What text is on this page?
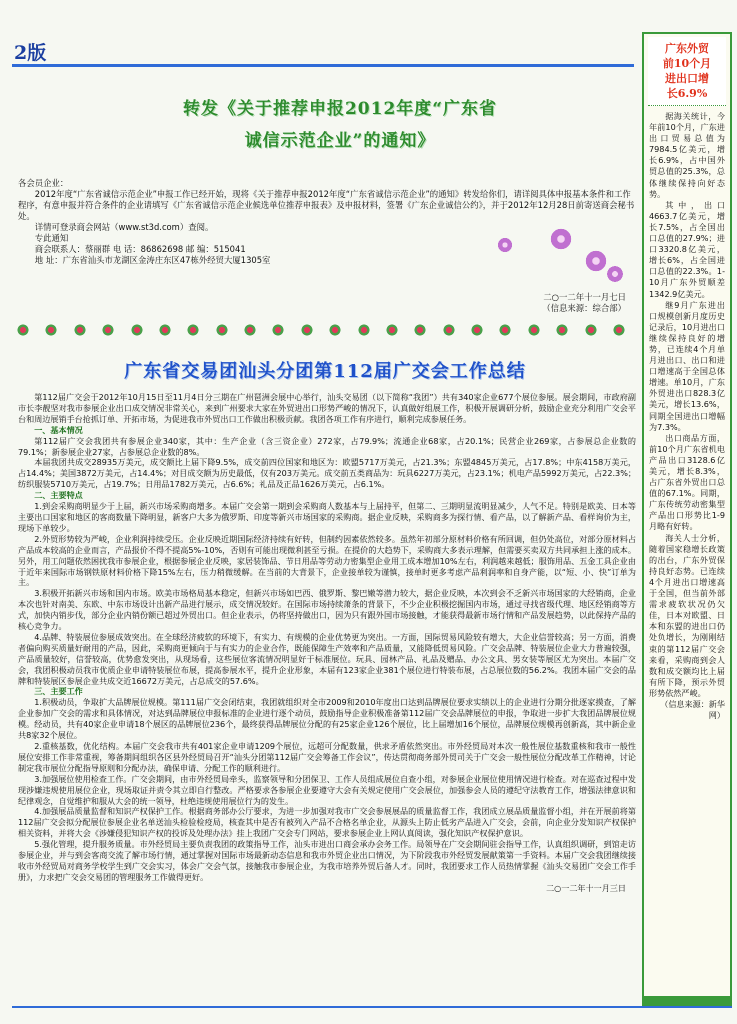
2版
转发《关于推荐申报2012年度“广东省
诚信示范企业”的通知》

各会员企业：

2012年度“广东省诚信示范企业”申报工作已经开始，现将《关于推荐申报2012年度“广东省诚信示范企业”的通知》转发给你们，请详阅具体申报基本条件和工作程序，有意申报并符合条件的企业请填写《广东省诚信示范企业候选单位推荐申报表》及申报材料，签署《广东企业诚信公约》，并于2012年12月28日前寄送商会秘书处。

详情可登录商会网站（www.st3d.com）查阅。

专此通知

商会联系人：蔡丽群 电 话：86862698 邮 编：515041

地 址：广东省汕头市龙湖区金涛庄东区47栋外经贸大厦1305室

二○一二年十一月七日

（信息来源：综合部）

广东省交易团汕头分团第112届广交会工作总结

第112届广交会于2012年10月15日至11月4日分三期在广州琶洲会展中心举行，汕头交易团（以下简称“我团”）共有340家企业677个展位参展。展会期间，市政府副市长李靓坚对我市参展企业出口成交情况非常关心，来到广州要求大家在外贸进出口形势严峻的情况下，认真做好组展工作，积极开展调研分析，鼓励企业充分利用广交会平台和周边展销手台抢抓订单、开拓市场，为促进我市外贸出口工作做出积极贡献。我团各项工作有序进行，顺利完成参展任务。

一、基本情况

第112届广交会我团共有参展企业340家，其中：生产企业（含三资企业）272家，占79.9%；流通企业68家，占20.1%；民营企业269家，占参展总企业数的79.1%；新参展企业27家，占参展总企业数的8%。

本届我团共成交28935万美元，成交额比上届下降9.5%，成交前四位国家和地区为：欧盟5717万美元，占21.3%；东盟4845万美元，占17.8%；中东4158万美元，占14.4%；美国3872万美元，占14.4%；对目成交额为历史最低，仅有203万美元。成交前五类商品为：玩具6227万美元，占23.1%；机电产品5992万美元，占22.3%；纺织服装5710万美元，占19.7%；日用品1782万美元，占6.6%；礼品及正品1626万美元，占6.1%。

二、主要特点

1.到会采购商明显少于上届，新兴市场采购商增多。本届广交会第一期到会采购商人数基本与上届持平，但第二、三期明显流明显减少，人气不足。特别是欧美、日本等主要出口国家和地区的客商数量下降明显，新客户大多为俄罗斯、印度等新兴市场国家的采购商。据企业反映，采购商多为探行情、看产品，以了解新产品、看样询价为主，现场下单较少。

2.外贸形势较为严峻，企业利润持续受压。企业反映近期国际经济持续有好转，但制约因素依然较多。虽然年初部分原材料价格有所回调，但仍处高位，对部分原材料占产品成本较高的企业而言，产品报价不得不提高5%-10%，否则有可能出现微利甚至亏损。在提价的大趋势下，采购商大多表示理解，但需要买卖双方共同承担上涨的成本。另外，用工问题依然困扰我市参展企业，根据参展企业反映，家居装饰品、节日用品等劳动力密集型企业用工成本增加10%左右，利润越来越低；服饰用品、五金工具企业由于近年来国际市场钢铁原材料价格下降15%左右，压力稍微缓解。在当前的大背景下，企业接单较为谨慎，接单时更多考虑产品利润率和自身产能，以“短、小、快”订单为主。

3.积极开拓新兴市场和国内市场。欧美市场格局基本稳定，但新兴市场如巴西、俄罗斯、黎巴嫩等潜力较大，据企业反映，本次到会不乏新兴市场国家的大经销商，企业本次也针对南美、东欧、中东市场设计出新产品进行展示，成交情况较好。在国际市场持续萧条的背景下，不少企业积极挖掘国内市场，通过寻找省级代理、地区经销商等方式，加快内销步伐，部分企业内销份额已超过外贸出口。但企业表示，仍将坚持做出口，因为只有跟外国市场接触，才能获得最新市场行情和产品发展趋势，以此保持产品的核心竞争力。

4.品牌、特装展位参展成效突出。在全球经济疲软的环境下，有实力、有规模的企业优势更为突出。一方面，国际贸易风险较有增大，大企业信誉较高；另一方面，消费者偏向购买质量好耐用的产品，因此，采购商更倾向于与有实力的企业合作，既能保障生产效率和产品质量，又能降低贸易风险。广交会品牌、特装展位企业大力普遍较强，产品质量较好，信誉较高，优势愈发突出，从现场看，这些展位客流情况明显好于标准展位。玩具、园林产品、礼品及赠品、办公文具、男女装等展区尤为突出。本届广交会，我团积极动员我市优质企业申请特装展位布展，提高参展水平，提升企业形象，本届有123家企业381个展位进行特装布展，占总展位数的56.2%。我团本届广交会的品牌和特装展区参展企业共成交近16672万美元，占总成交的57.6%。

三、主要工作

1.积极动员，争取扩大品牌展位规模。第111届广交会闭结束，我团就组织对全市2009和2010年度出口达到品牌展位要求实绩以上的企业进行分期分批逐家摸查，了解企业参加广交会的需求和具体情况，对达到品牌展位申报标准的企业进行逐个动员，鼓励指导企业积极准备第112届广交会品牌展位的申报，争取进一步扩大我团品牌展位规模。经动员，共有40家企业申请18个展区的品牌展位236个，最终获得品牌展位分配的有25家企业126个展位，比上届增加16个展位，品牌展位规模再创新高，其中新企业共8家32个展位。

2.重核基数，优化结构。本届广交会我市共有401家企业申请1209个展位，远超可分配数量，供求矛盾依然突出。市外经贸局对本次一般性展位基数重核和我市一般性展位安排工作非常重视，筹备期间组织各区县外经贸局召开“汕头分团第112届广交会筹备工作会议”，传达贯彻商务部外贸司关于广交会一般性展位分配改革工作精神，讨论制定我市展位分配指导原则和分配办法，确保申请、分配工作的顺利进行。

3.加强展位使用检查工作。广交会期间，由市外经贸局牵头，监察领导和分团保卫、工作人员组成展位自查小组，对参展企业展位使用情况进行检查。对在巡查过程中发现涉嫌违规使用展位企业，现场取证并责令其立即自行整改。严格要求各参展企业要遵守大会有关规定使用广交会展位，加强参会人员的遵纪守法教育工作，增强法律意识和纪律观念，自觉维护和服从大会的统一领导，杜绝违规使用展位行为的发生。

4.加强展品质量监督和知识产权保护工作。根据商务部办公厅要求，为进一步加强对我市广交会参展展品的质量监督工作，我团成立展品质量监督小组，并在开展前将第112届广交会拟分配展位参展企业名单送汕头检验检疫局，核查其中是否有被列入产品不合格名单企业，从源头上防止低劣产品进入广交会，会前，向企业分发知识产权保护相关资料，并将大会《涉嫌侵犯知识产权的投诉及处理办法》挂上我团广交会专门网站，要求参展企业上网认真阅读，强化知识产权保护意识。

5.强化管理，提升服务质量。市外经贸局主要负责我团的政策指导工作，汕头市进出口商会承办会务工作。局领导在广交会期间驻会指导工作，认真组织调研，到馆走访参展企业，并与到会客商交流了解市场行情，通过掌握对国际市场最新动态信息和我市外贸企业出口情况，为下阶段我市外经贸发展献策第一手资料。本届广交会我团继续接收市外经贸局对商务学校学生到广交会实习，体会广交会气氛，接触我市参展企业，为我市培养外贸后备人才。同时，我团要求工作人员热情掌握《汕头交易团广交会工作手册》，力求把广交会交易团的管理服务工作做得更好。

二○一二年十一月三日

广东外贸
前10个月
进出口增
长6.9%

据海关统计，今年前10个月，广东进出口贸易总值为7984.5亿美元，增长6.9%，占中国外贸总值的25.3%，总体继续保持向好态势。

其中，出口4663.7亿美元，增长7.5%，占全国出口总值的27.9%；进口3320.8亿美元，增长6%，占全国进口总值的22.3%。1-10月广东外贸顺差1342.9亿美元。

继9月广东进出口规模创新月度历史记录后，10月进出口继续保持良好的增势，已连续4个月单月进出口、出口和进口增速高于全国总体增速。单10月，广东外贸进出口828.3亿美元，增长13.6%，同期全国进出口增幅为7.3%。

出口商品方面，前10个月广东省机电产品出口3128.6亿美元，增长8.3%，占广东省外贸出口总值的67.1%。同期，广东传统劳动密集型产品出口形势比1-9月略有好转。

海关人士分析，随着国家稳增长政策的出台，广东外贸保持良好态势。已连续4个月进出口增速高于全国，但当前外部需求疲软状况仍欠佳，日本对欧盟、日本和东盟的进出口仍处负增长，为刚刚结束的第112届广交会来看，采购商到会人数和成交额均比上届有所下降，预示外贸形势依然严峻。

（信息来源：新华网）
